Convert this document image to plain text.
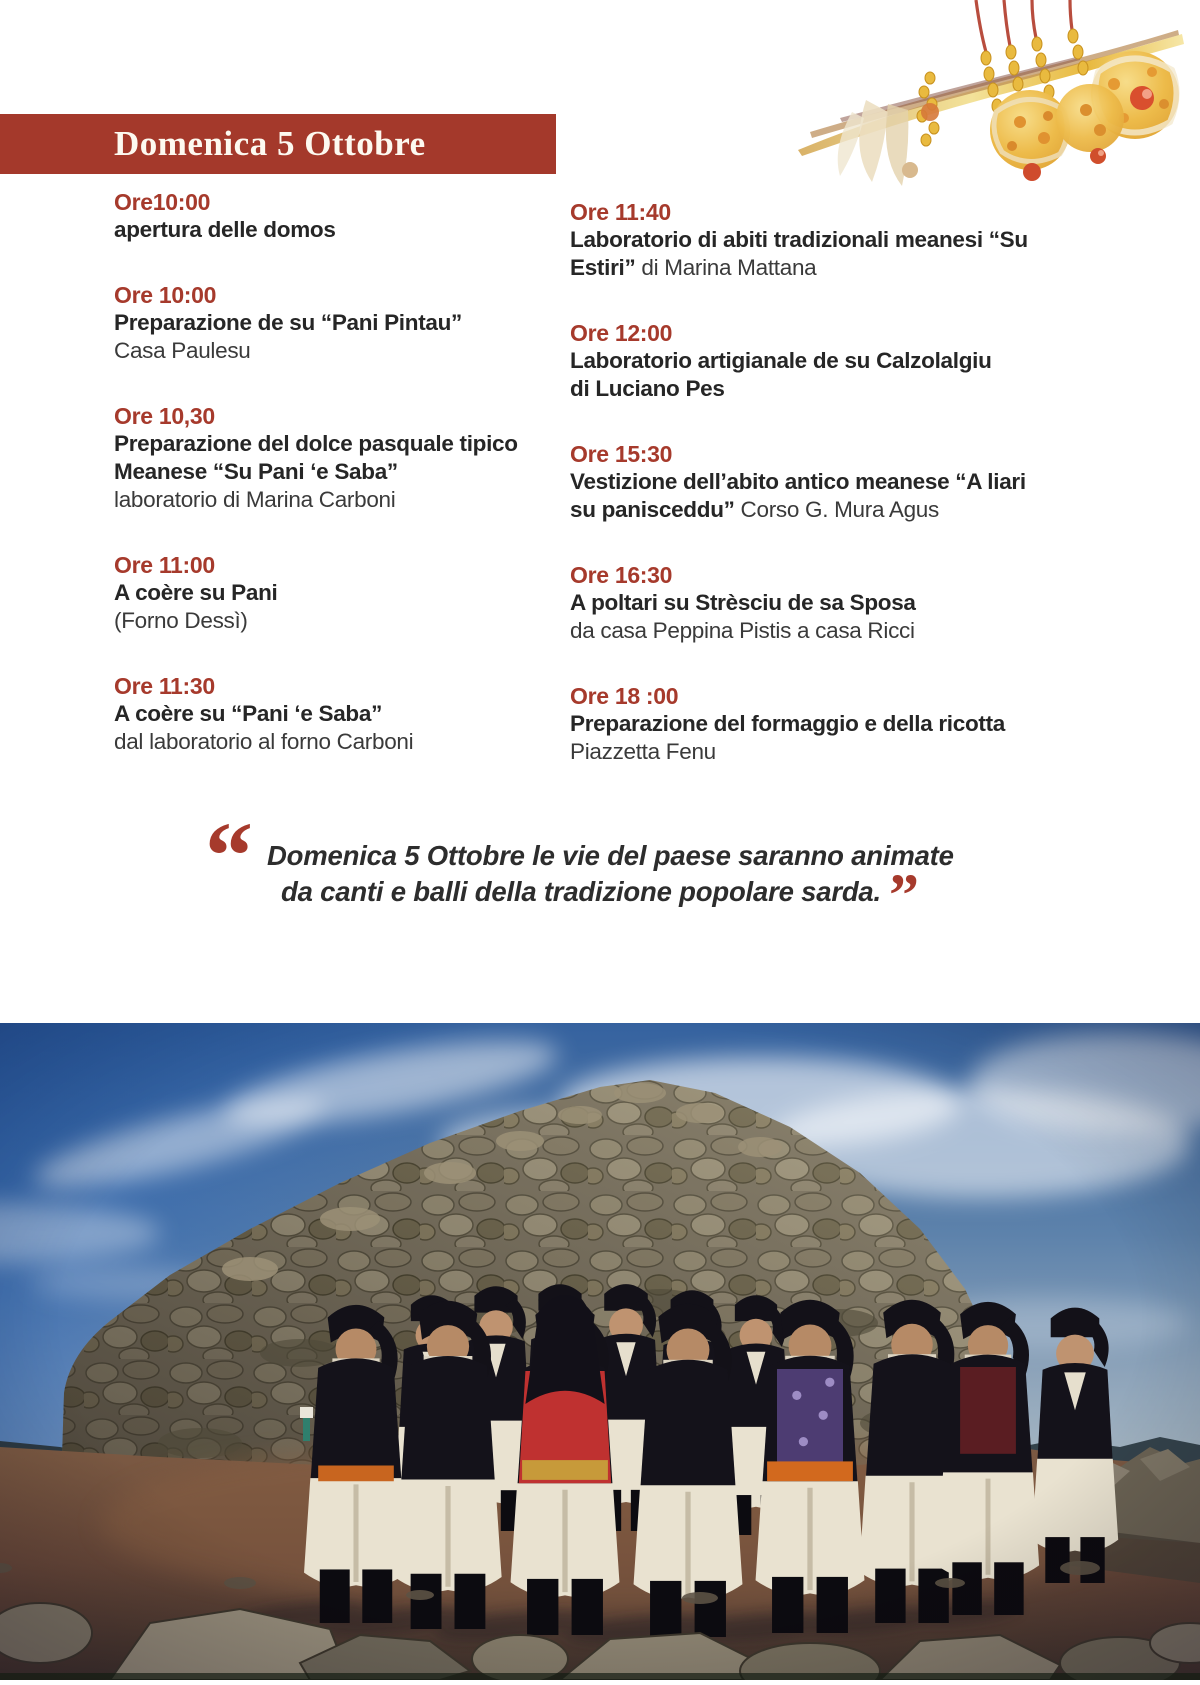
Domenica 5 Ottobre
Ore10:00
apertura delle domos
Ore 10:00
Preparazione de su “Pani Pintau”
Casa Paulesu
Ore 10,30
Preparazione del dolce pasquale tipico
Meanese “Su Pani ‘e Saba”
laboratorio di Marina Carboni
Ore 11:00
A coère su Pani
(Forno Dessì)
Ore 11:30
A coère su “Pani ‘e Saba”
dal laboratorio al forno Carboni
Ore 11:40
Laboratorio di abiti tradizionali meanesi “Su
Estiri” di Marina Mattana
Ore 12:00
Laboratorio artigianale de su Calzolalgiu
di Luciano Pes
Ore 15:30
Vestizione dell’abito antico meanese “A liari
su panisceddu” Corso G. Mura Agus
Ore 16:30
A poltari su Strèsciu de sa Sposa
da casa Peppina Pistis a casa Ricci
Ore 18 :00
Preparazione del formaggio e della ricotta
Piazzetta Fenu
“ Domenica 5 Ottobre le vie del paese saranno animate
da canti e balli della tradizione popolare sarda. ”
